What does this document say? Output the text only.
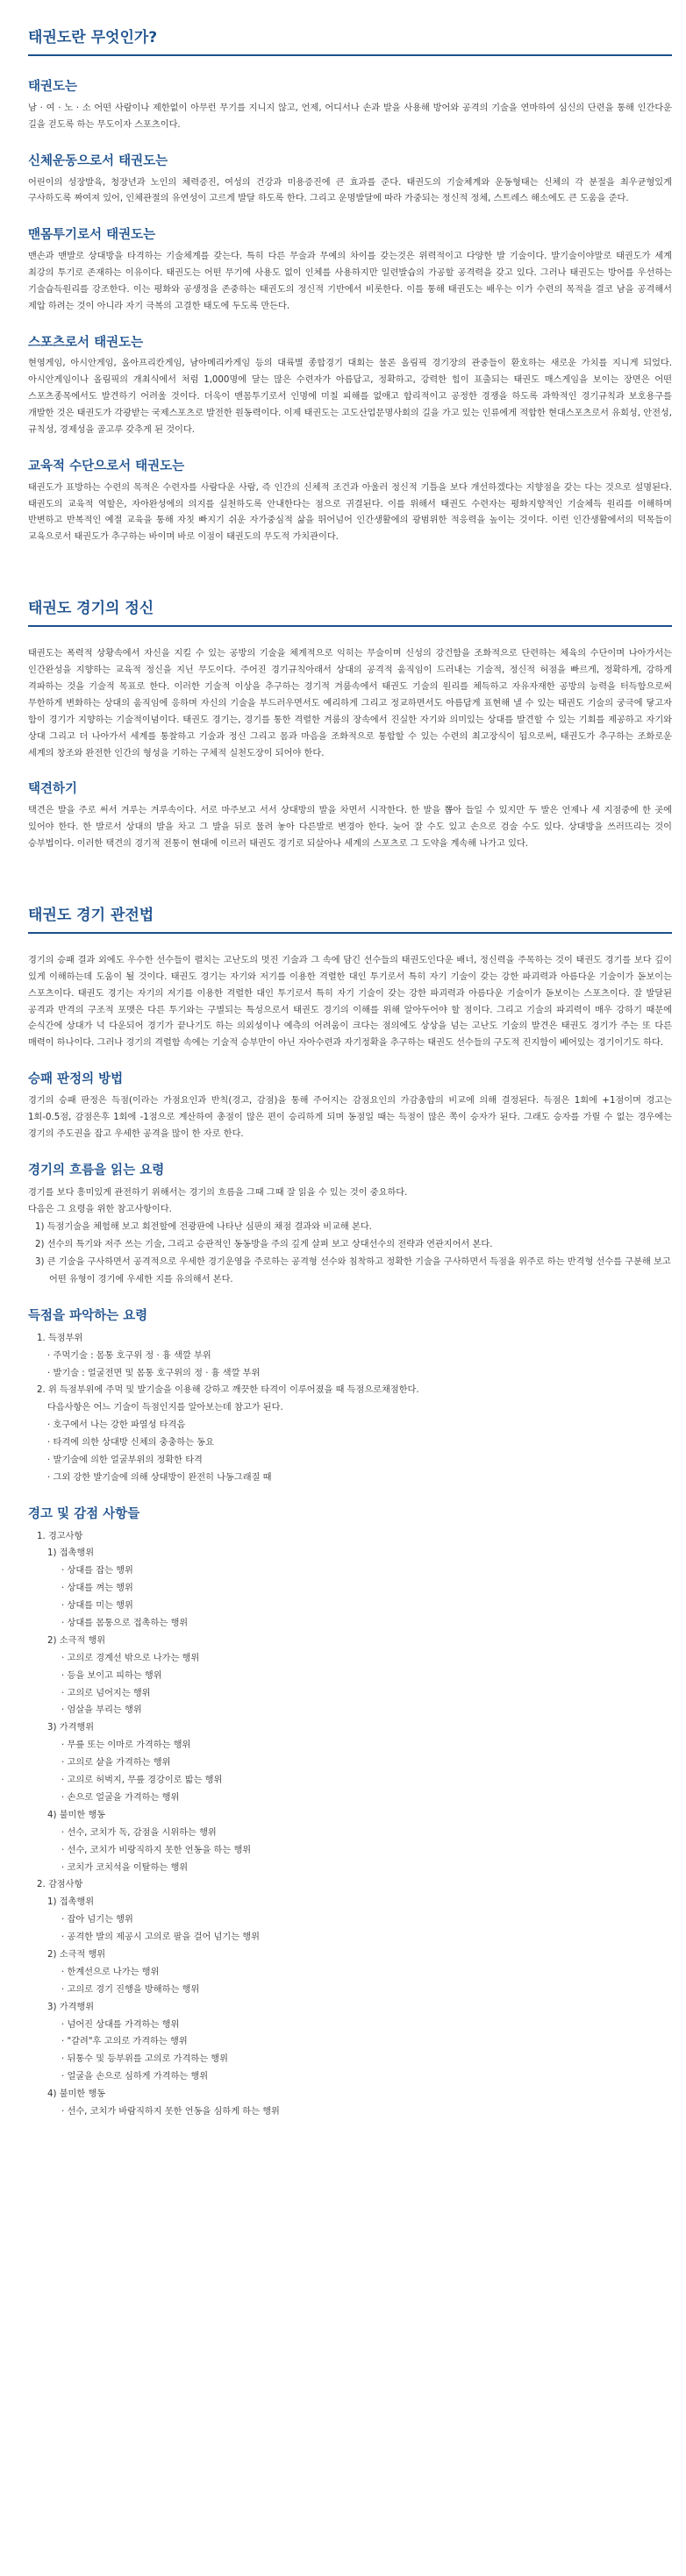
태권도란 무엇인가?
태권도는

남 · 여 · 노 · 소 어떤 사람이나 제한없이 아무런 무기를 지니지 않고, 언제, 어디서나 손과 발을 사용해 방어와 공격의 기술을 연마하여 심신의 단련을 통해 인간다운 길을 걷도록 하는 무도이자 스포츠이다.

신체운동으로서 태권도는

어린이의 성장발육, 청장년과 노인의 체력증진, 여성의 건강과 미용증진에 큰 효과를 준다. 태권도의 기술체계와 운동형태는 신체의 각 분절을 최우균형있게 구사하도록 짜여져 있어, 인체관절의 유연성이 고르게 발달 하도록 한다. 그리고 운명발달에 따라 가중되는 정신적 정체, 스트레스 해소에도 큰 도움을 준다.

맨몸투기로서 태권도는

맨손과 맨발로 상대방을 타격하는 기술체계를 갖는다. 특히 다른 무술과 무예의 차이를 갖는것은 위력적이고 다양한 발 기술이다. 발기술이야말로 태권도가 세계 최강의 투기로 존재하는 이유이다. 태권도는 어떤 무기에 사용도 없이 인체를 사용하지만 일련발습의 가공할 공격력을 갖고 있다. 그러나 태권도는 방어를 우선하는 기술습득원리를 강조한다. 이는 평화와 공생정을 존중하는 태권도의 정신적 기반에서 비롯한다. 이를 통해 태권도는 배우는 이가 수련의 목적을 결코 남을 공격해서 제압 하려는 것이 아니라 자기 극복의 고결한 태도에 두도록 만든다.

스포츠로서 태권도는

현영게임, 아시안게임, 올아프리칸게임, 남아메리카게임 등의 대륙별 종합경기 대회는 물론 올림픽 경기장의 관중들이 환호하는 새로운 가치를 지니게 되었다. 아시안게임이나 올림픽의 개최식에서 처럼 1,000명에 달는 많은 수련자가 아름답고, 정확하고, 강력한 힘이 표출되는 태권도 매스게임을 보이는 장면은 어떤 스포츠종목에서도 발견하기 어려울 것이다. 더욱이 맨몸투기로서 인명에 미칠 피해를 없애고 합리적이고 공정한 경쟁을 하도록 과학적인 경기규칙과 보호용구를 개발한 것은 태권도가 각광받는 국제스포츠로 발전한 원동력이다. 이제 태권도는 고도산업문명사회의 길을 가고 있는 인류에게 적합한 현대스포츠로서 유희성, 안전성, 규칙성, 경제성을 골고루 갖추게 된 것이다.

교육적 수단으로서 태권도는

태권도가 표방하는 수련의 목적은 수련자를 사람다운 사람, 즉 인간의 신체적 조건과 아울러 정신적 기틀을 보다 개선하겠다는 지향점을 갖는 다는 것으로 설명된다. 태권도의 교육적 역할은, 자아완성에의 의지를 실천하도록 안내한다는 점으로 귀결된다. 이를 위해서 태권도 수련자는 평화지향적인 기술체득 원리를 이해하며 반변하고 반복적인 예절 교육을 통해 자칫 빠지기 쉬운 자가중심적 삶을 뛰어넘어 인간생활에의 광범위한 적응력을 높이는 것이다. 이런 인간생활에서의 덕목들이 교육으로서 태권도가 추구하는 바이며 바로 이점이 태권도의 무도적 가치관이다.

태권도 경기의 정신

태권도는 폭력적 상황속에서 자신을 지킬 수 있는 공방의 기술을 체계적으로 익히는 무술이며 신성의 강건함을 조화적으로 단련하는 체육의 수단이며 나아가서는 인간완성을 지향하는 교육적 정신을 지닌 무도이다. 주어진 경기규칙아래서 상대의 공격적 움직임이 드러내는 기술적, 정신적 허점을 빠르게, 정확하게, 강하게 격파하는 것을 기술적 목표로 한다. 이러한 기술적 이상을 추구하는 경기적 겨룸속에서 태권도 기술의 원리를 체득하고 자유자재한 공방의 능력을 터득함으로써 무한하게 변화하는 상대의 움직임에 응하며 자신의 기술을 부드러우면서도 예리하게 그리고 정교하면서도 아름답게 표현해 낼 수 있는 태권도 기술의 궁극에 닿고자 함이 경기가 지향하는 기술적이념이다. 태권도 경기는, 경기를 통한 격렬한 겨룸의 장속에서 진실한 자기와 의미있는 상대를 발견할 수 있는 기회를 제공하고 자기와 상대 그리고 더 나아가서 세계를 통찰하고 기술과 정신 그리고 몸과 마음을 조화적으로 통합할 수 있는 수련의 최고장식이 됨으로써, 태권도가 추구하는 조화로운 세계의 창조와 완전한 인간의 형성을 기하는 구체적 실천도장이 되어야 한다.

택견하기

택견은 발을 주로 써서 겨루는 겨루속이다. 서로 마주보고 서서 상대방의 발을 차면서 시작한다. 한 발을 뽑아 들일 수 있지만 두 발은 언제나 세 지점중에 한 곳에 있어야 한다. 한 발로서 상대의 발을 차고 그 발을 뒤로 물려 놓아 다른발로 변경아 한다. 늦어 잘 수도 있고 손으로 검술 수도 있다. 상대방을 쓰러뜨리는 것이 승부법이다. 이러한 택견의 경기적 전통이 현대에 이르러 태권도 경기로 되살아나 세계의 스포츠로 그 도약을 계속해 나가고 있다.

태권도 경기 관전법

경기의 승패 결과 외에도 우수한 선수들이 펼치는 고난도의 멋진 기술과 그 속에 담긴 선수들의 태권도인다운 배너, 정신력을 주목하는 것이 태권도 경기를 보다 깊이 있게 이해하는데 도움이 될 것이다. 태권도 경기는 자기와 저기를 이용한 격렬한 대인 투기로서 특히 자기 기술이 갖는 강한 파괴력과 아름다운 기술이가 돋보이는 스포츠이다. 태권도 경기는 자기의 저기를 이용한 격렬한 대인 투기로서 특히 자기 기술이 갖는 강한 파괴력과 아름다운 기술이가 돋보이는 스포츠이다. 잘 발달된 공격과 반격의 구조적 포맷은 다른 투기와는 구별되는 특성으로서 태권도 경기의 이해를 위해 알아두어야 할 점이다. 그리고 기술의 파괴력이 매우 강하기 때문에 순식간에 상대가 넉 다운되어 경기가 끝나기도 하는 의외성이나 예측의 어려움이 크다는 점의에도 상상을 넘는 고난도 기술의 발견은 태권도 경기가 주는 또 다른 매력이 하나이다. 그러나 경기의 격렬함 속에는 기술적 승부만이 아닌 자아수련과 자기정확을 추구하는 태권도 선수들의 구도적 진지함이 베어있는 경기이기도 하다.

승패 판정의 방법

경기의 승패 판정은 득점(이라는 가점요인과 반칙(경고, 감점)을 통해 주어지는 감점요인의 가감총합의 비교에 의해 결정된다. 득점은 1회에 +1점이며 경고는 1회-0.5점, 감점은후 1회에 -1점으로 계산하여 총점이 많은 편이 승리하게 되며 동점일 때는 득점이 많은 쪽이 승자가 된다. 그래도 승자를 가릴 수 없는 경우에는 경기의 주도권을 잡고 우세한 공격을 많이 한 자로 한다.

경기의 흐름을 읽는 요령
경기를 보다 흥미있게 관전하기 위해서는 경기의 흐름을 그때 그때 잘 읽을 수 있는 것이 중요하다.
다음은 그 요령을 위한 참고사항이다.
1) 득점기술을 체험해 보고 회전할에 전광판에 나타난 심판의 채점 결과와 비교해 본다.
2) 선수의 특기와 저주 쓰는 기술, 그리고 승관적인 동동방을 주의 깊게 살펴 보고 상대선수의 전략과 연관지어서 본다.
3) 큰 기술을 구사하면서 공격적으로 우세한 경기운영을 주로하는 공격형 선수와 침착하고 정확한 기술을 구사하면서 득점을 위주로 하는 반격형 선수를 구분해 보고 어떤 유형이 경기에 우세한 지를 유의해서 본다.
득점을 파악하는 요령
1. 득점부위
· 주먹기술 : 몸통 호구위 정 · 흉 색깔 부위
· 발기술 : 얼굴전면 및 몸통 호구위의 정 · 흉 색깔 부위
2. 위 득점부위에 주먹 및 발기술을 이용해 강하고 깨끗한 타격이 이루어졌을 때 득점으로채점한다.
다음사항은 어느 기술이 득점인지를 알아보는데 참고가 된다.
· 호구에서 나는 강한 파열성 타격음
· 타격에 의한 상대방 신체의 충충하는 동요
· 발기술에 의한 얼굴부위의 정확한 타격
· 그외 강한 발기술에 의해 상대방이 완전히 나동그래질 때
경고 및 감점 사항들
1. 경고사항
1) 접촉행위
· 상대를 잡는 행위
· 상대를 껴는 행위
· 상대를 미는 행위
· 상대를 몸통으로 접촉하는 행위
2) 소극적 행위
· 고의로 경계선 밖으로 나가는 행위
· 등을 보이고 피하는 행위
· 고의로 넘어지는 행위
· 엄살을 부리는 행위
3) 가격행위
· 무릎 또는 이마로 가격하는 행위
· 고의로 샅을 가격하는 행위
· 고의로 허벅지, 무릎 경강이로 밟는 행위
· 손으로 얼굴을 가격하는 행위
4) 불미한 행동
· 선수, 코치가 독, 감점을 시위하는 행위
· 선수, 코치가 비랑직하지 못한 언동을 하는 행위
· 코치가 코치석을 이탈하는 행위
2. 감점사항
1) 접촉행위
· 잡아 넘기는 행위
· 공격한 발의 제공시 고의로 팔을 걸어 넘기는 행위
2) 소극적 행위
· 한계선으로 나가는 행위
· 고의로 경기 진행을 방해하는 행위
3) 가격행위
· 넘어진 상대를 가격하는 행위
· "갈려"후 고의로 가격하는 행위
· 뒤통수 및 등부위를 고의로 가격하는 행위
· 얼굴을 손으로 심하게 가격하는 행위
4) 불미한 행동
· 선수, 코치가 바람직하지 못한 언동을 심하게 하는 행위
